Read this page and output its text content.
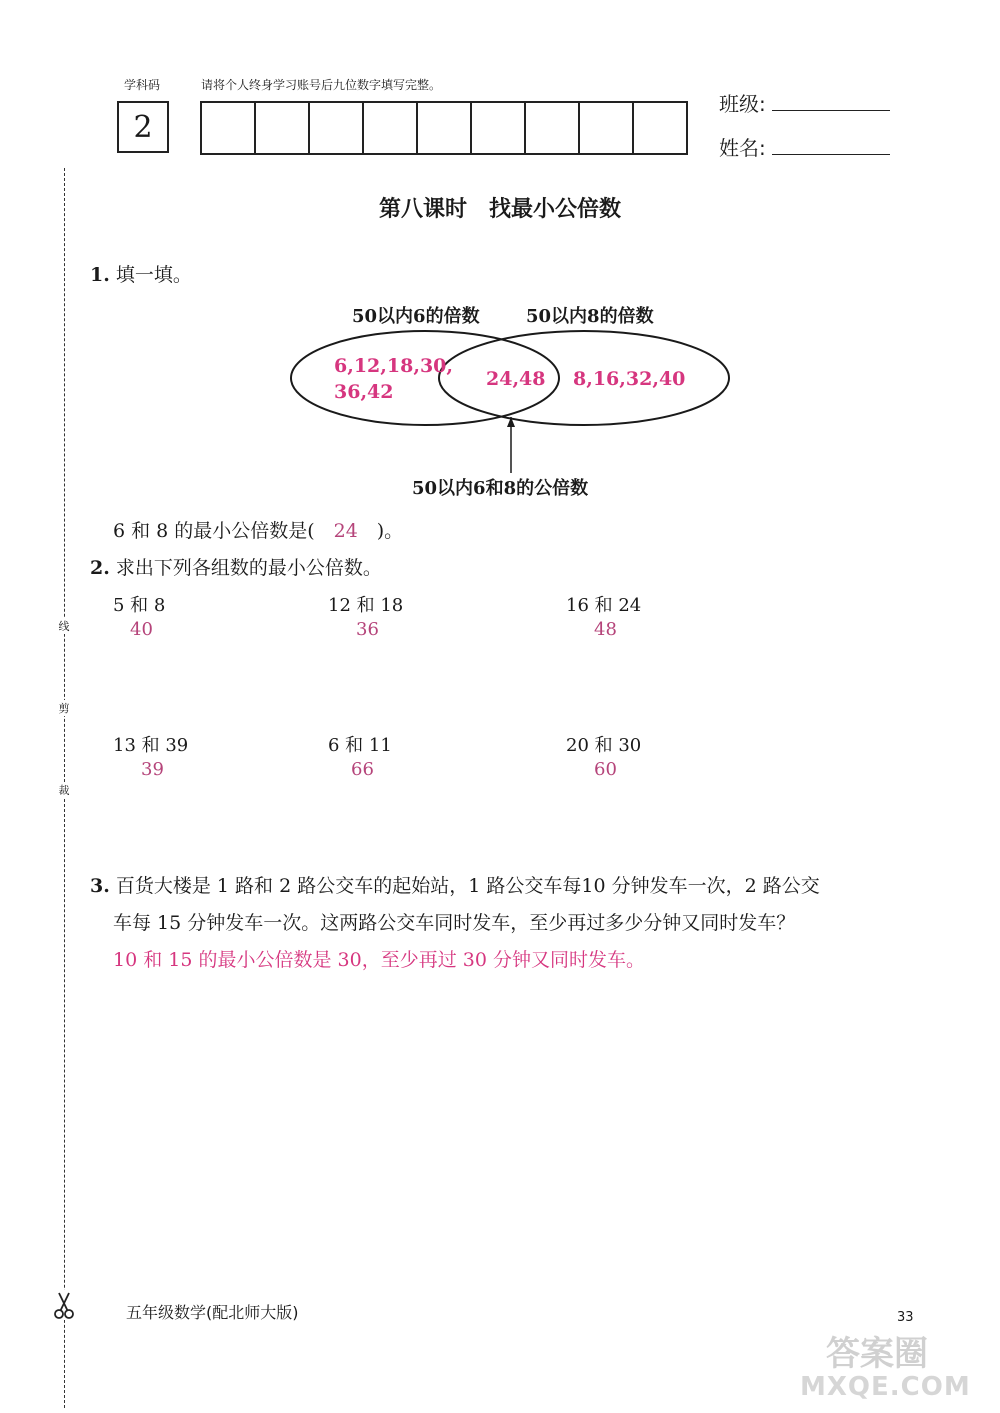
学科码	请将个人终身学习账号后九位数字填写完整。
2
班级:
姓名:
线
剪
裁
第八课时　找最小公倍数
1. 填一填。
50以内6的倍数	50以内8的倍数
6,12,18,30,
36,42
24,48 8,16,32,40
50以内6和8的公倍数
6 和 8 的最小公倍数是( 24 )。
2. 求出下列各组数的最小公倍数。
5 和 8
40
12 和 18
36
16 和 24
48
13 和 39
39
6 和 11
66
20 和 30
60
3. 百货大楼是 1 路和 2 路公交车的起始站，1 路公交车每10 分钟发车一次，2 路公交
车每 15 分钟发车一次。这两路公交车同时发车，至少再过多少分钟又同时发车？
10 和 15 的最小公倍数是 30，至少再过 30 分钟又同时发车。
五年级数学(配北师大版)	33
答案圈
MXQE.COM
